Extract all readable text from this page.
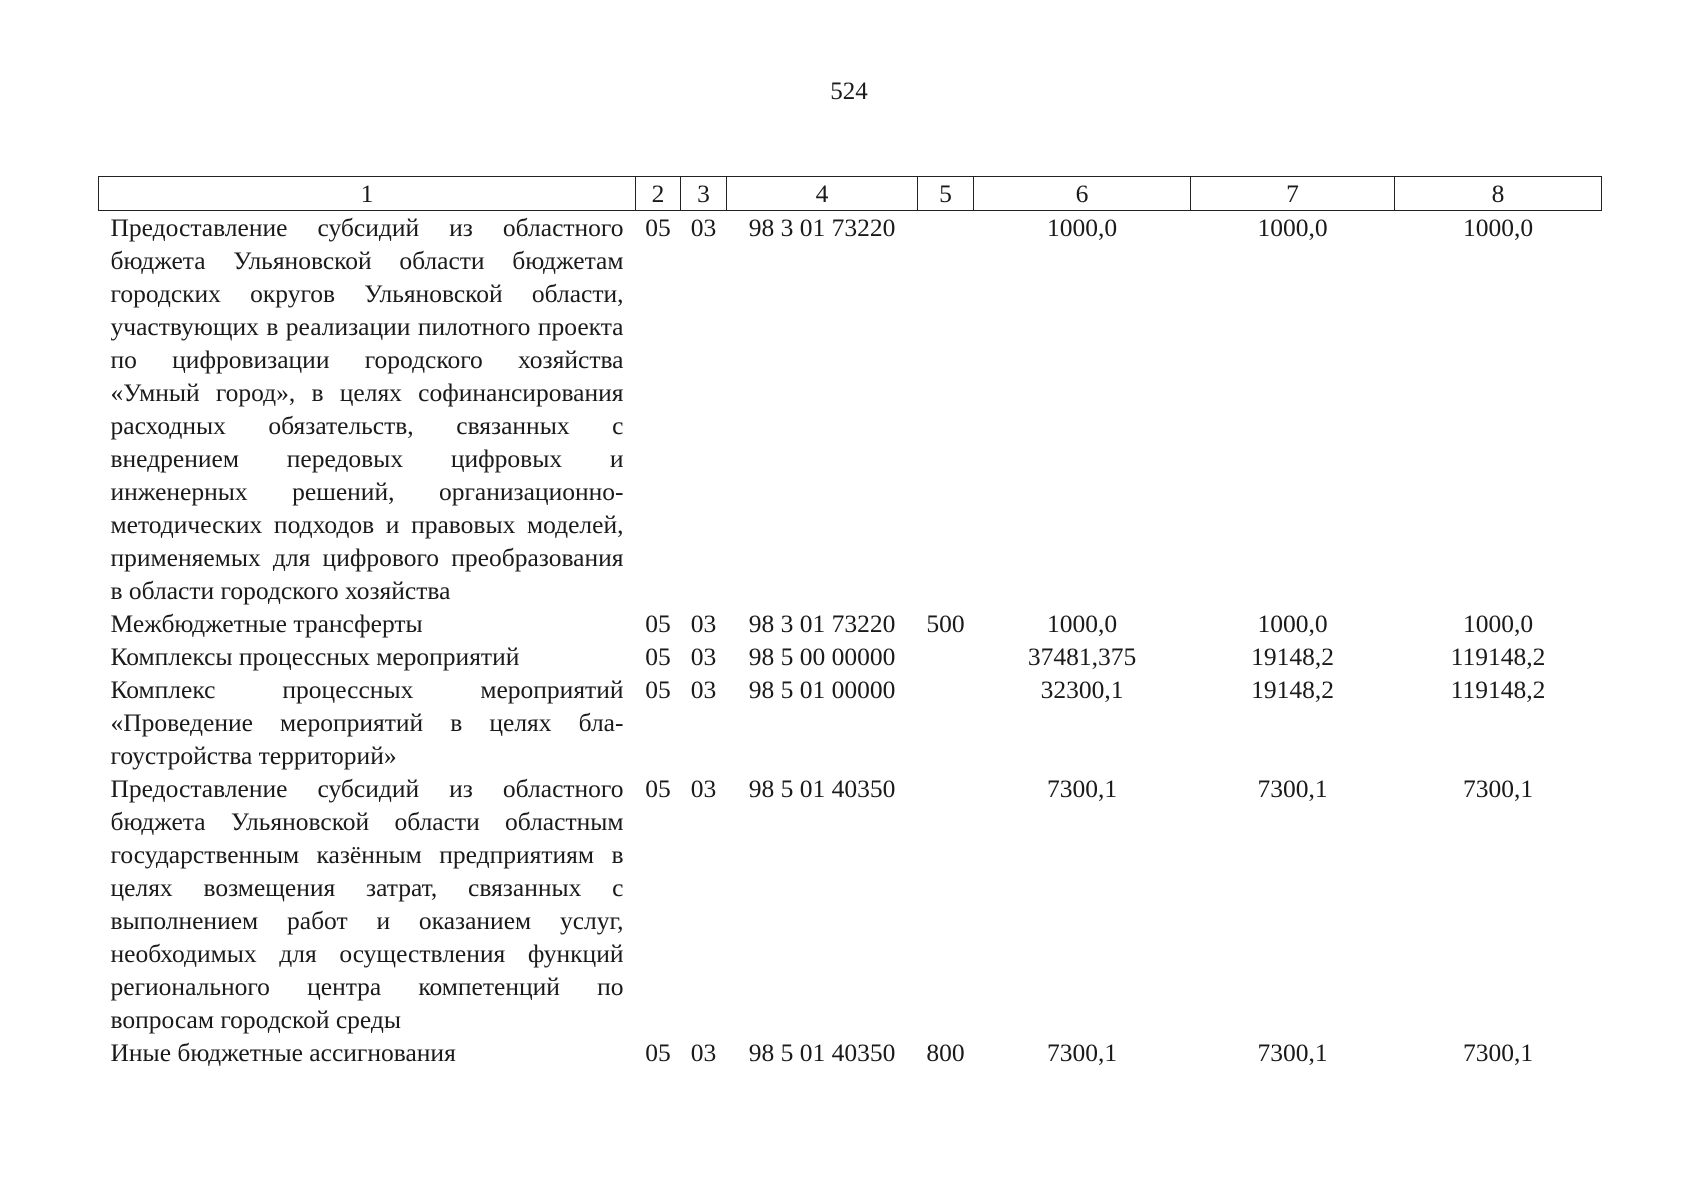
524
1	2	3	4	5	6	7	8
Предоставление субсидий из областного бюджета Ульяновской области бюджетам городских округов Ульяновской области, участвующих в реализации пилотного проекта по цифровизации городского хозяйства «Умный город», в целях софинансирования расходных обязательств, связанных с внедрением передовых цифровых и инженерных решений, организационно-методических подходов и правовых моделей, применяемых для цифрового преобразования в области городского хозяйства	05	03	98 3 01 73220		1000,0	1000,0	1000,0
Межбюджетные трансферты	05	03	98 3 01 73220	500	1000,0	1000,0	1000,0
Комплексы процессных мероприятий	05	03	98 5 00 00000		37481,375	19148,2	119148,2
Комплекс процессных мероприятий «Проведение мероприятий в целях благоустройства территорий»	05	03	98 5 01 00000		32300,1	19148,2	119148,2
Предоставление субсидий из областного бюджета Ульяновской области областным государственным казённым предприятиям в целях возмещения затрат, связанных с выполнением работ и оказанием услуг, необходимых для осуществления функций регионального центра компетенций по вопросам городской среды	05	03	98 5 01 40350		7300,1	7300,1	7300,1
Иные бюджетные ассигнования	05	03	98 5 01 40350	800	7300,1	7300,1	7300,1
